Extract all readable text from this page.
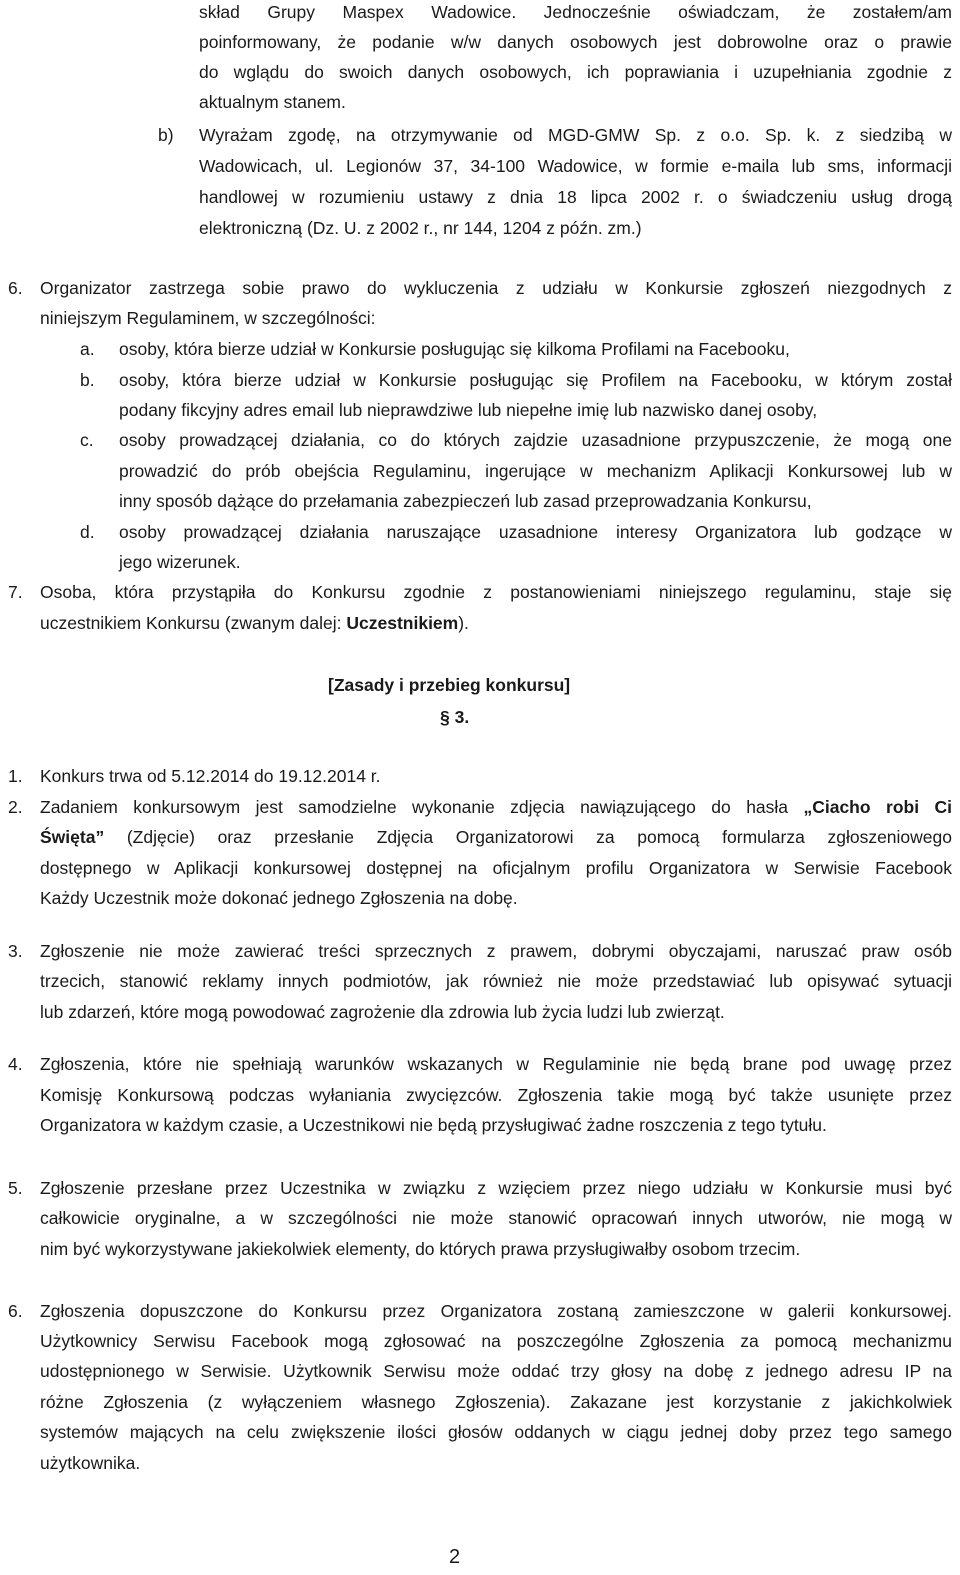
skład Grupy Maspex Wadowice. Jednocześnie oświadczam, że zostałem/am
poinformowany, że podanie w/w danych osobowych jest dobrowolne oraz o prawie
do wglądu do swoich danych osobowych, ich poprawiania i uzupełniania zgodnie z
aktualnym stanem.
b) Wyrażam zgodę, na otrzymywanie od MGD-GMW Sp. z o.o. Sp. k. z siedzibą w
Wadowicach, ul. Legionów 37, 34-100 Wadowice, w formie e-maila lub sms, informacji
handlowej w rozumieniu ustawy z dnia 18 lipca 2002 r. o świadczeniu usług drogą
elektroniczną (Dz. U. z 2002 r., nr 144, 1204 z późn. zm.)
6. Organizator zastrzega sobie prawo do wykluczenia z udziału w Konkursie zgłoszeń niezgodnych z
niniejszym Regulaminem, w szczególności:
a. osoby, która bierze udział w Konkursie posługując się kilkoma Profilami na Facebooku,
b. osoby, która bierze udział w Konkursie posługując się Profilem na Facebooku, w którym został
podany fikcyjny adres email lub nieprawdziwe lub niepełne imię lub nazwisko danej osoby,
c. osoby prowadzącej działania, co do których zajdzie uzasadnione przypuszczenie, że mogą one
prowadzić do prób obejścia Regulaminu, ingerujące w mechanizm Aplikacji Konkursowej lub w
inny sposób dążące do przełamania zabezpieczeń lub zasad przeprowadzania Konkursu,
d. osoby prowadzącej działania naruszające uzasadnione interesy Organizatora lub godzące w
jego wizerunek.
7. Osoba, która przystąpiła do Konkursu zgodnie z postanowieniami niniejszego regulaminu, staje się
uczestnikiem Konkursu (zwanym dalej: Uczestnikiem).
[Zasady i przebieg konkursu]
§ 3.
1. Konkurs trwa od 5.12.2014 do 19.12.2014 r.
2. Zadaniem konkursowym jest samodzielne wykonanie zdjęcia nawiązującego do hasła „Ciacho robi Ci
Święta” (Zdjęcie) oraz przesłanie Zdjęcia Organizatorowi za pomocą formularza zgłoszeniowego
dostępnego w Aplikacji konkursowej dostępnej na oficjalnym profilu Organizatora w Serwisie Facebook
Każdy Uczestnik może dokonać jednego Zgłoszenia na dobę.
3. Zgłoszenie nie może zawierać treści sprzecznych z prawem, dobrymi obyczajami, naruszać praw osób
trzecich, stanowić reklamy innych podmiotów, jak również nie może przedstawiać lub opisywać sytuacji
lub zdarzeń, które mogą powodować zagrożenie dla zdrowia lub życia ludzi lub zwierząt.
4. Zgłoszenia, które nie spełniają warunków wskazanych w Regulaminie nie będą brane pod uwagę przez
Komisję Konkursową podczas wyłaniania zwycięzców. Zgłoszenia takie mogą być także usunięte przez
Organizatora w każdym czasie, a Uczestnikowi nie będą przysługiwać żadne roszczenia z tego tytułu.
5. Zgłoszenie przesłane przez Uczestnika w związku z wzięciem przez niego udziału w Konkursie musi być
całkowicie oryginalne, a w szczególności nie może stanowić opracowań innych utworów, nie mogą w
nim być wykorzystywane jakiekolwiek elementy, do których prawa przysługiwałby osobom trzecim.
6. Zgłoszenia dopuszczone do Konkursu przez Organizatora zostaną zamieszczone w galerii konkursowej.
Użytkownicy Serwisu Facebook mogą zgłosować na poszczególne Zgłoszenia za pomocą mechanizmu
udostępnionego w Serwisie. Użytkownik Serwisu może oddać trzy głosy na dobę z jednego adresu IP na
różne Zgłoszenia (z wyłączeniem własnego Zgłoszenia). Zakazane jest korzystanie z jakichkolwiek
systemów mających na celu zwiększenie ilości głosów oddanych w ciągu jednej doby przez tego samego
użytkownika.
2
